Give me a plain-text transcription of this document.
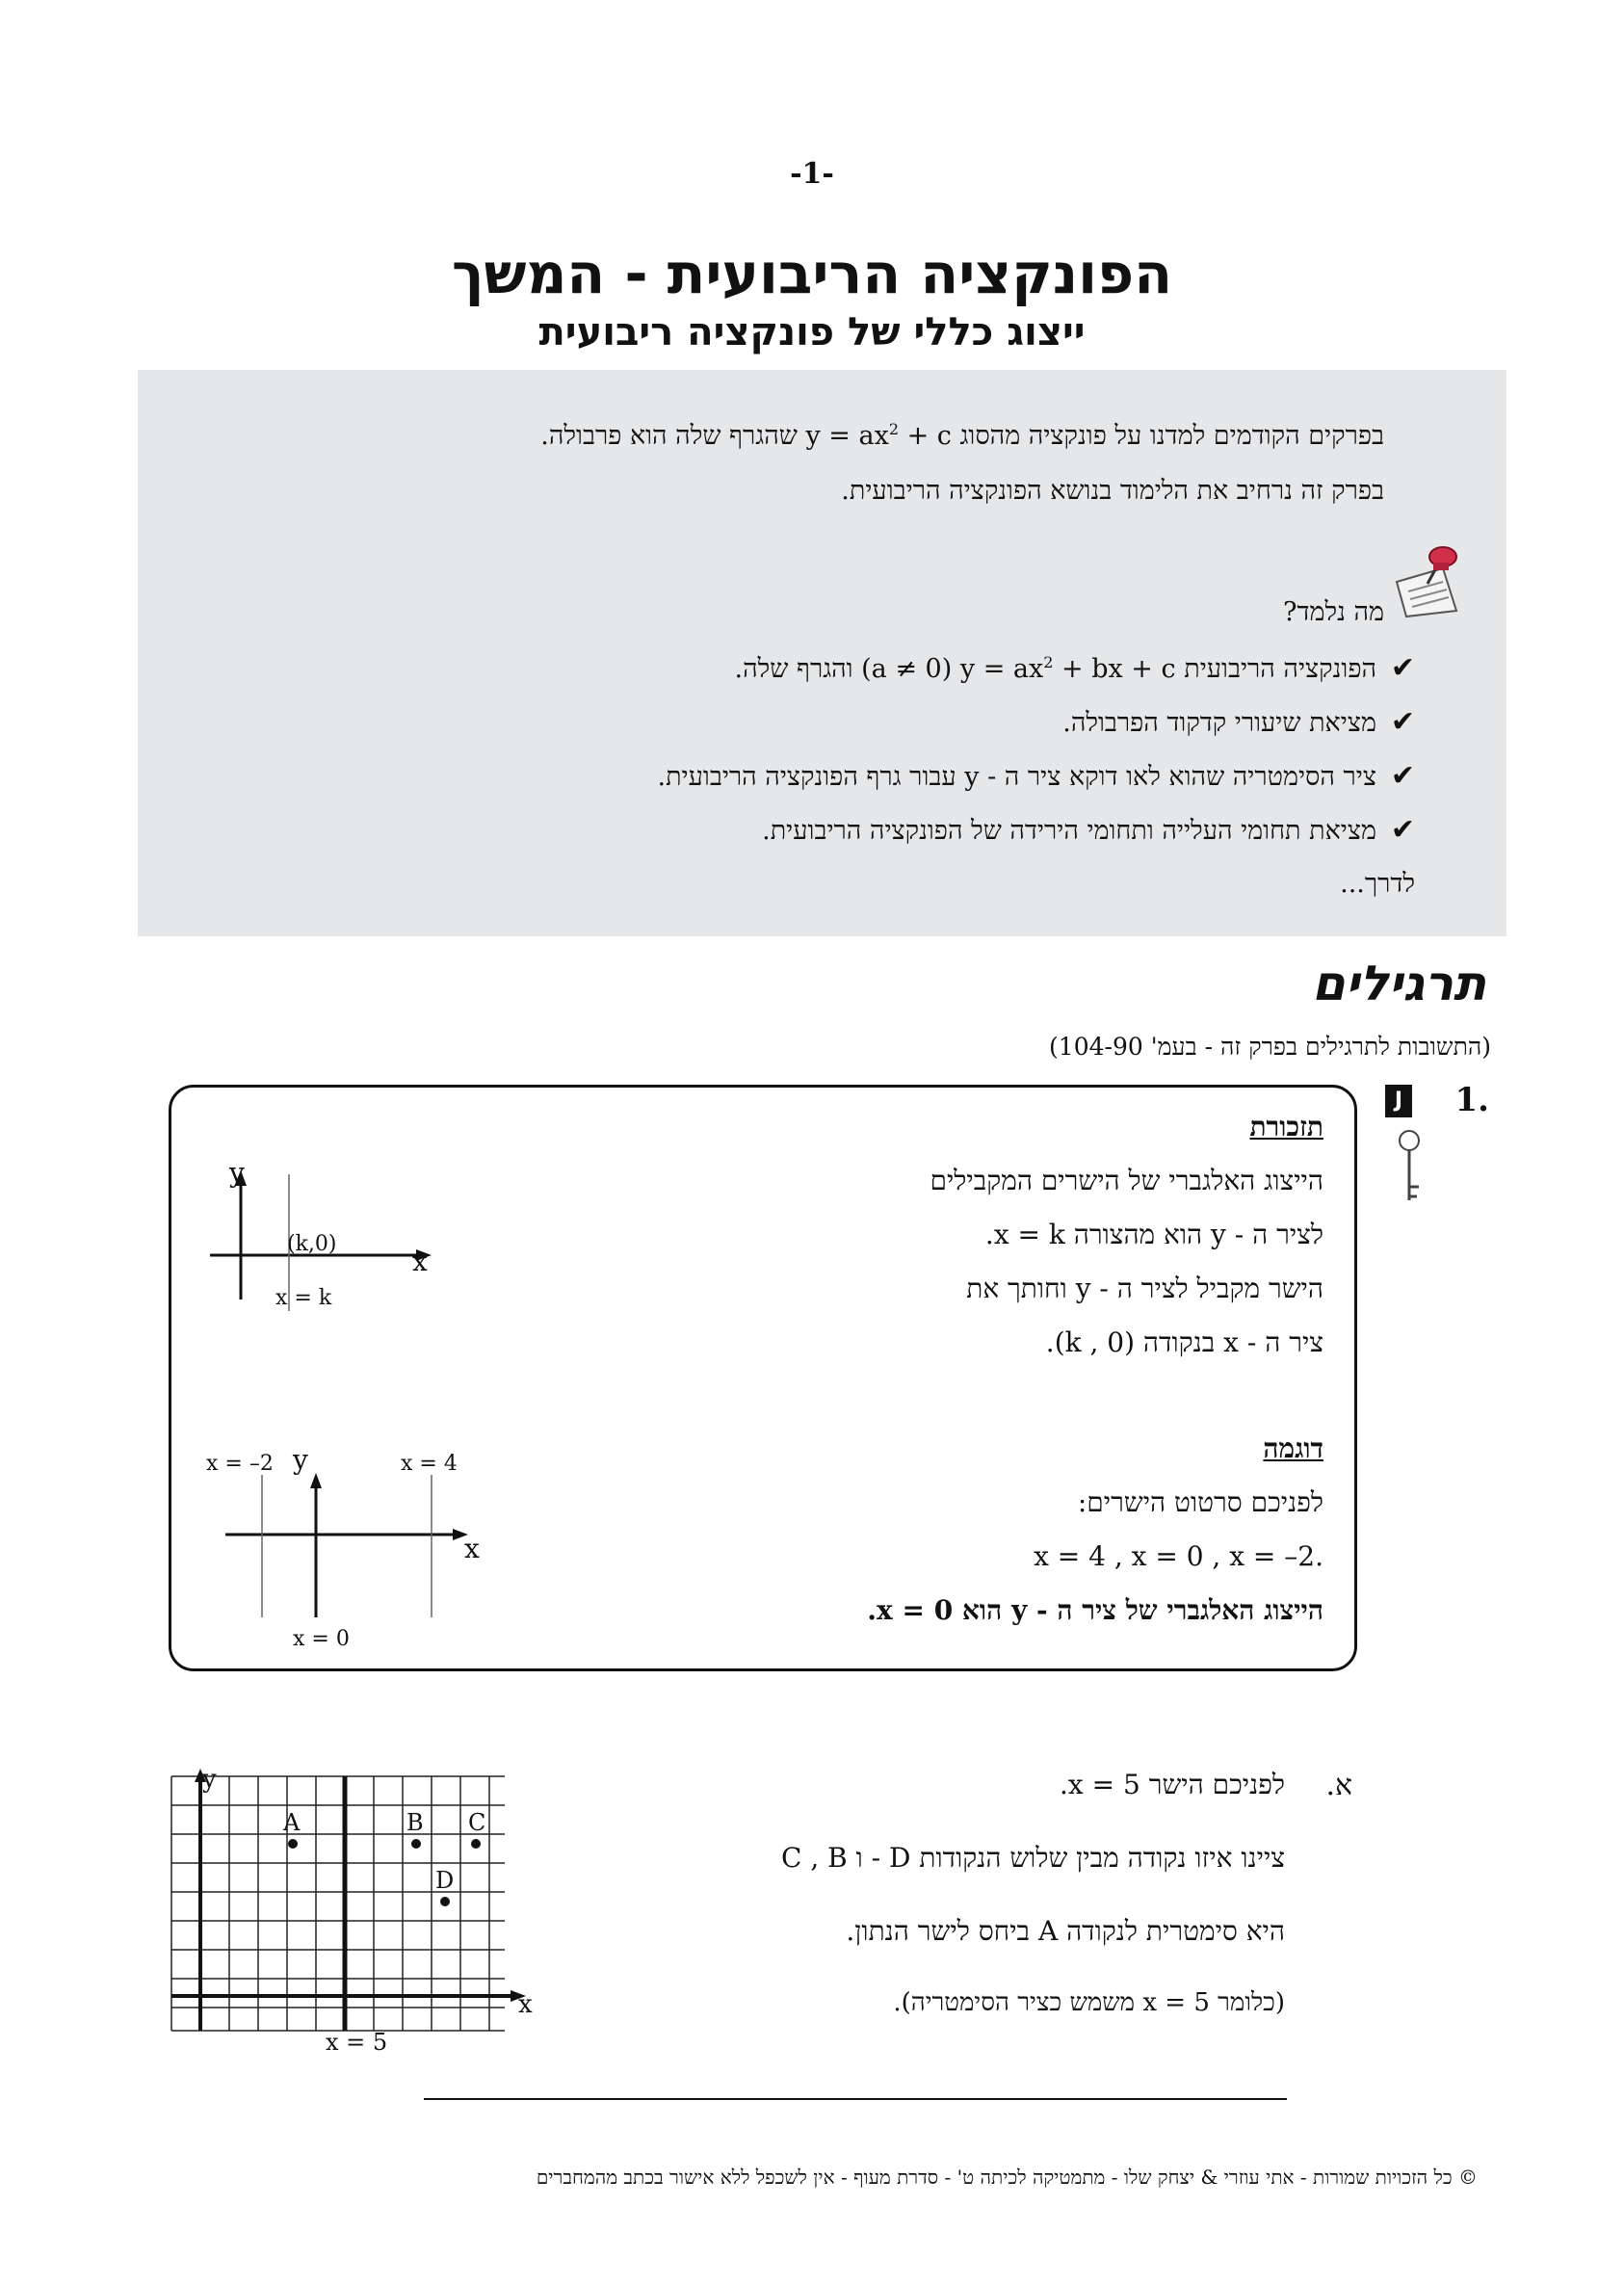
-1-
הפונקציה הריבועית - המשך
ייצוג כללי של פונקציה ריבועית
בפרקים הקודמים למדנו על פונקציה מהסוג $y = ax^2 + c$ שהגרף שלה הוא פרבולה.
בפרק זה נרחיב את הלימוד בנושא הפונקציה הריבועית.
מה נלמד?
✔הפונקציה הריבועית (a ≠ 0) $y = ax^2$ + bx + c והגרף שלה.
✔מציאת שיעורי קדקוד הפרבולה.
✔ציר הסימטריה שהוא לאו דוקא ציר ה - y עבור גרף הפונקציה הריבועית.
✔מציאת תחומי העלייה ותחומי הירידה של הפונקציה הריבועית.
לדרך...
תרגילים
(התשובות לתרגילים בפרק זה - בעמ' 104-90)
1.
J
תזכורת
הייצוג האלגברי של הישרים המקבילים
לציר ה - y הוא מהצורה x = k.
הישר מקביל לציר ה - y וחותך את
ציר ה - x בנקודה (k , 0).
דוגמה
לפניכם סרטוט הישרים:
.x = 4 , x = 0 , x = –2
הייצוג האלגברי של ציר ה - y הוא x = 0.
y
x
(k,0)
x = k
x = –2 y	x = 4
x
x = 0
א.
לפניכם הישר x = 5.
ציינו איזו נקודה מבין שלוש הנקודות D - ו C , B
היא סימטרית לנקודה A ביחס לישר הנתון.
(כלומר x = 5 משמש כציר הסימטריה).
y
x
x = 5
A	B C
D
© כל הזכויות שמורות - אתי עוזרי & יצחק שלו - מתמטיקה לכיתה ט' - סדרת מעוף - אין לשכפל ללא אישור בכתב מהמחברים
